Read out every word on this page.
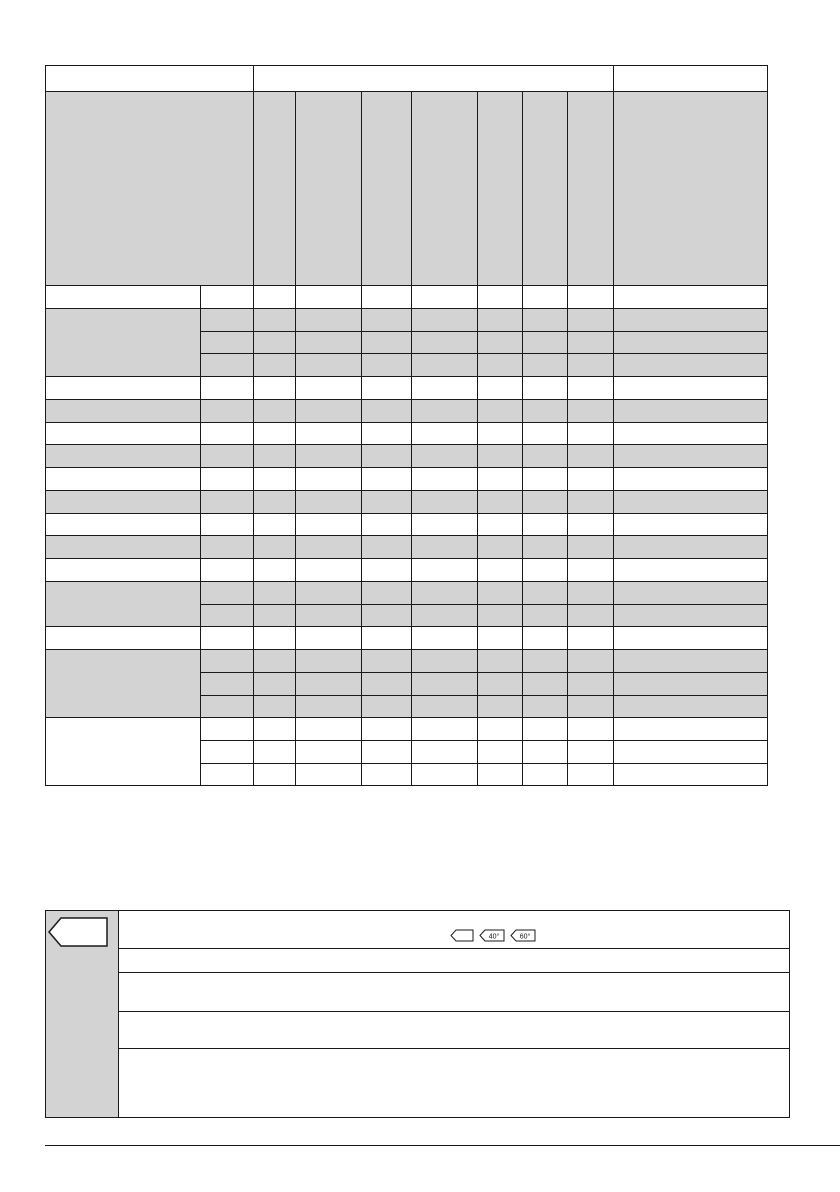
40°	60°
